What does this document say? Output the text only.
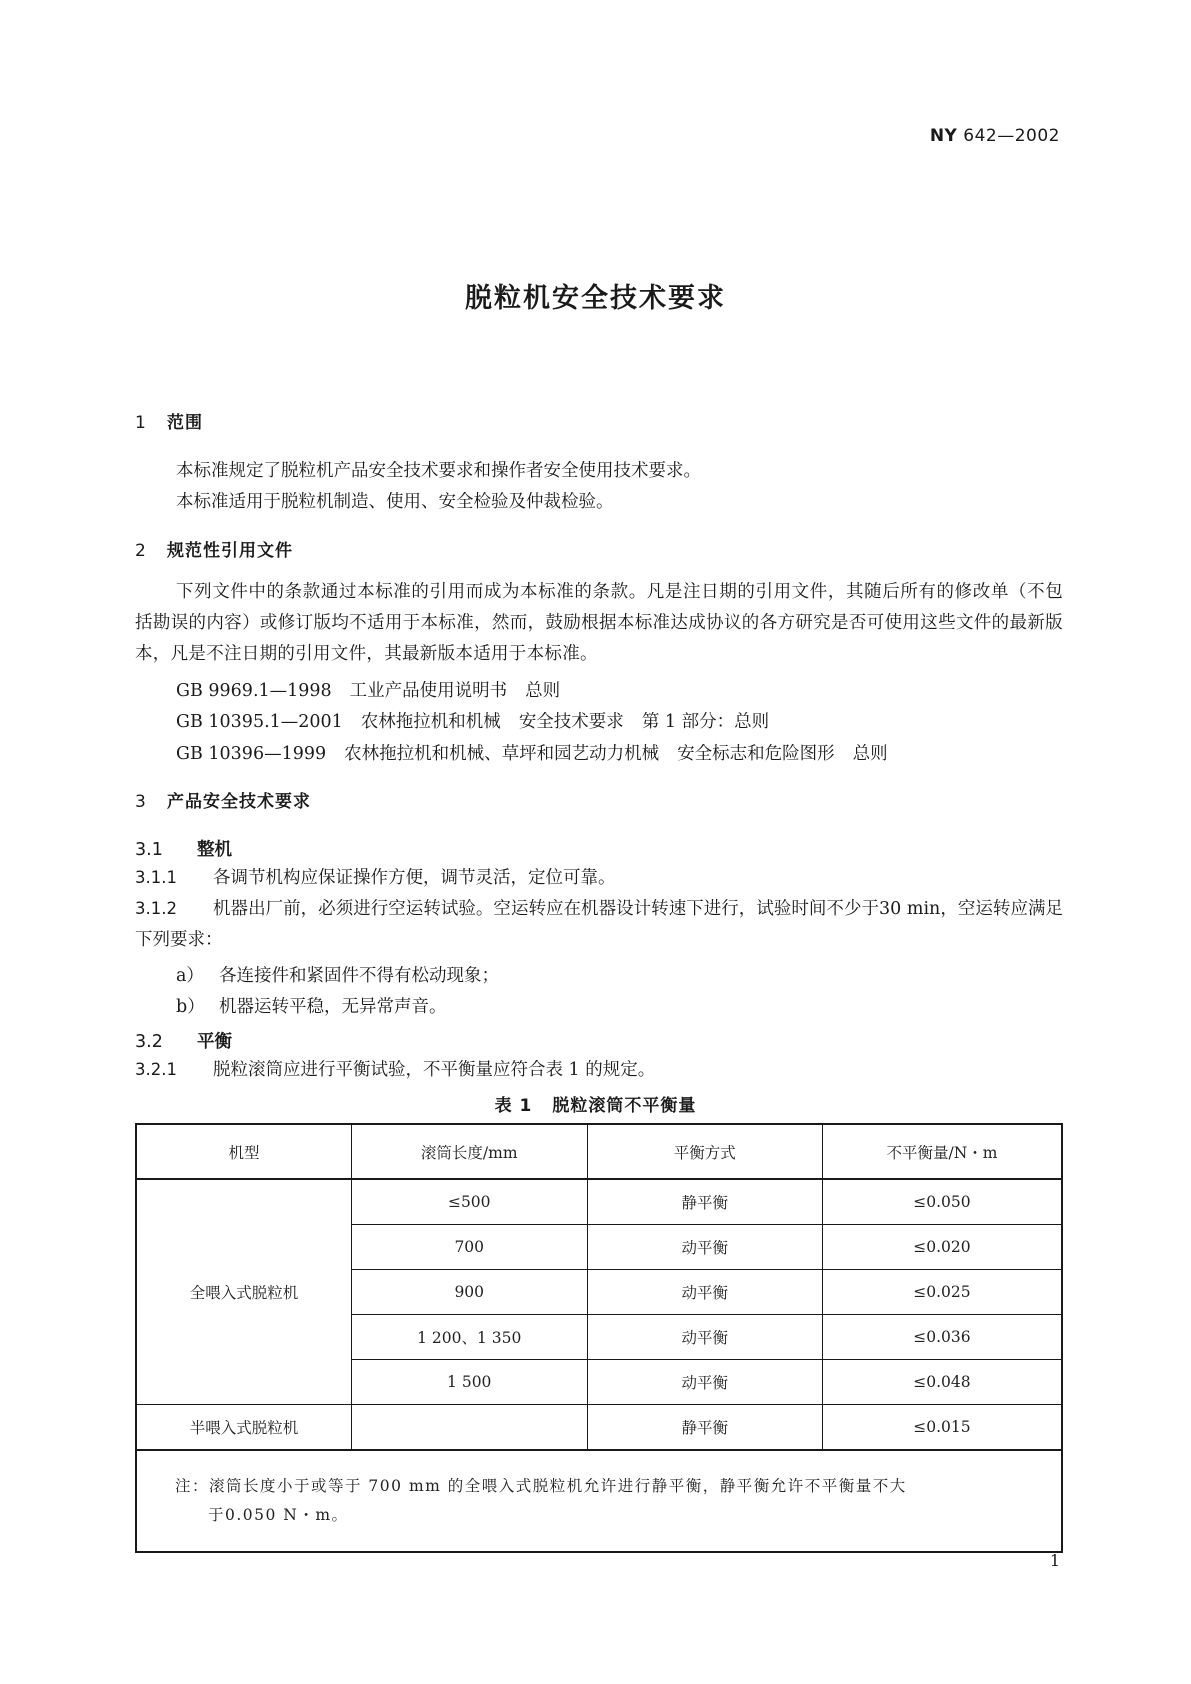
NY 642—2002
脱粒机安全技术要求
1 范围
本标准规定了脱粒机产品安全技术要求和操作者安全使用技术要求。
本标准适用于脱粒机制造、使用、安全检验及仲裁检验。
2 规范性引用文件
下列文件中的条款通过本标准的引用而成为本标准的条款。凡是注日期的引用文件，其随后所有的修改单（不包括勘误的内容）或修订版均不适用于本标准，然而，鼓励根据本标准达成协议的各方研究是否可使用这些文件的最新版本，凡是不注日期的引用文件，其最新版本适用于本标准。
GB 9969.1—1998 工业产品使用说明书 总则
GB 10395.1—2001 农林拖拉机和机械 安全技术要求 第 1 部分：总则
GB 10396—1999 农林拖拉机和机械、草坪和园艺动力机械 安全标志和危险图形 总则
3 产品安全技术要求
3.1 整机
3.1.1 各调节机构应保证操作方便，调节灵活，定位可靠。
3.1.2 机器出厂前，必须进行空运转试验。空运转应在机器设计转速下进行，试验时间不少于30 min，空运转应满足下列要求：
a） 各连接件和紧固件不得有松动现象；
b） 机器运转平稳，无异常声音。
3.2 平衡
3.2.1 脱粒滚筒应进行平衡试验，不平衡量应符合表 1 的规定。
表 1 脱粒滚筒不平衡量
机型	滚筒长度/mm	平衡方式	不平衡量/N・m
全喂入式脱粒机	≤500	静平衡	≤0.050
	700	动平衡	≤0.020
	900	动平衡	≤0.025
	1 200、1 350	动平衡	≤0.036
	1 500	动平衡	≤0.048
半喂入式脱粒机		静平衡	≤0.015

注：滚筒长度小于或等于 700 mm 的全喂入式脱粒机允许进行静平衡，静平衡允许不平衡量不大
于0.050 N・m。			
1
